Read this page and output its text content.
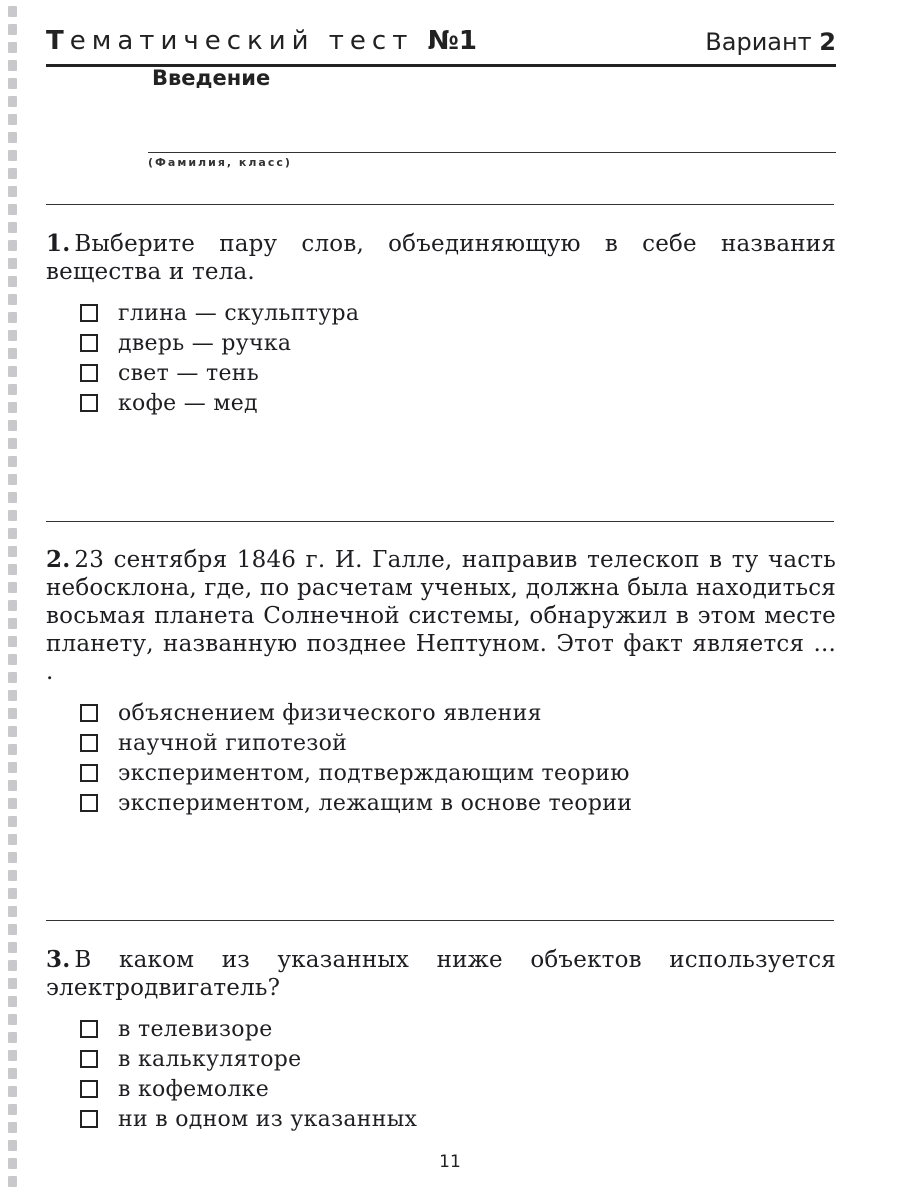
Тематический тест №1	Вариант 2
Введение
(Фамилия, класс)

1. Выберите пару слов, объединяющую в себе названия вещества и тела.

глина — скульптура
дверь — ручка
свет — тень
кофе — мед

2. 23 сентября 1846 г. И. Галле, направив телескоп в ту часть небосклона, где, по расчетам ученых, должна была находиться восьмая планета Солнечной системы, обнаружил в этом месте планету, названную позднее Нептуном. Этот факт является ... .

объяснением физического явления
научной гипотезой
экспериментом, подтверждающим теорию
экспериментом, лежащим в основе теории

3. В каком из указанных ниже объектов используется электродвигатель?

в телевизоре
в калькуляторе
в кофемолке
ни в одном из указанных
11
